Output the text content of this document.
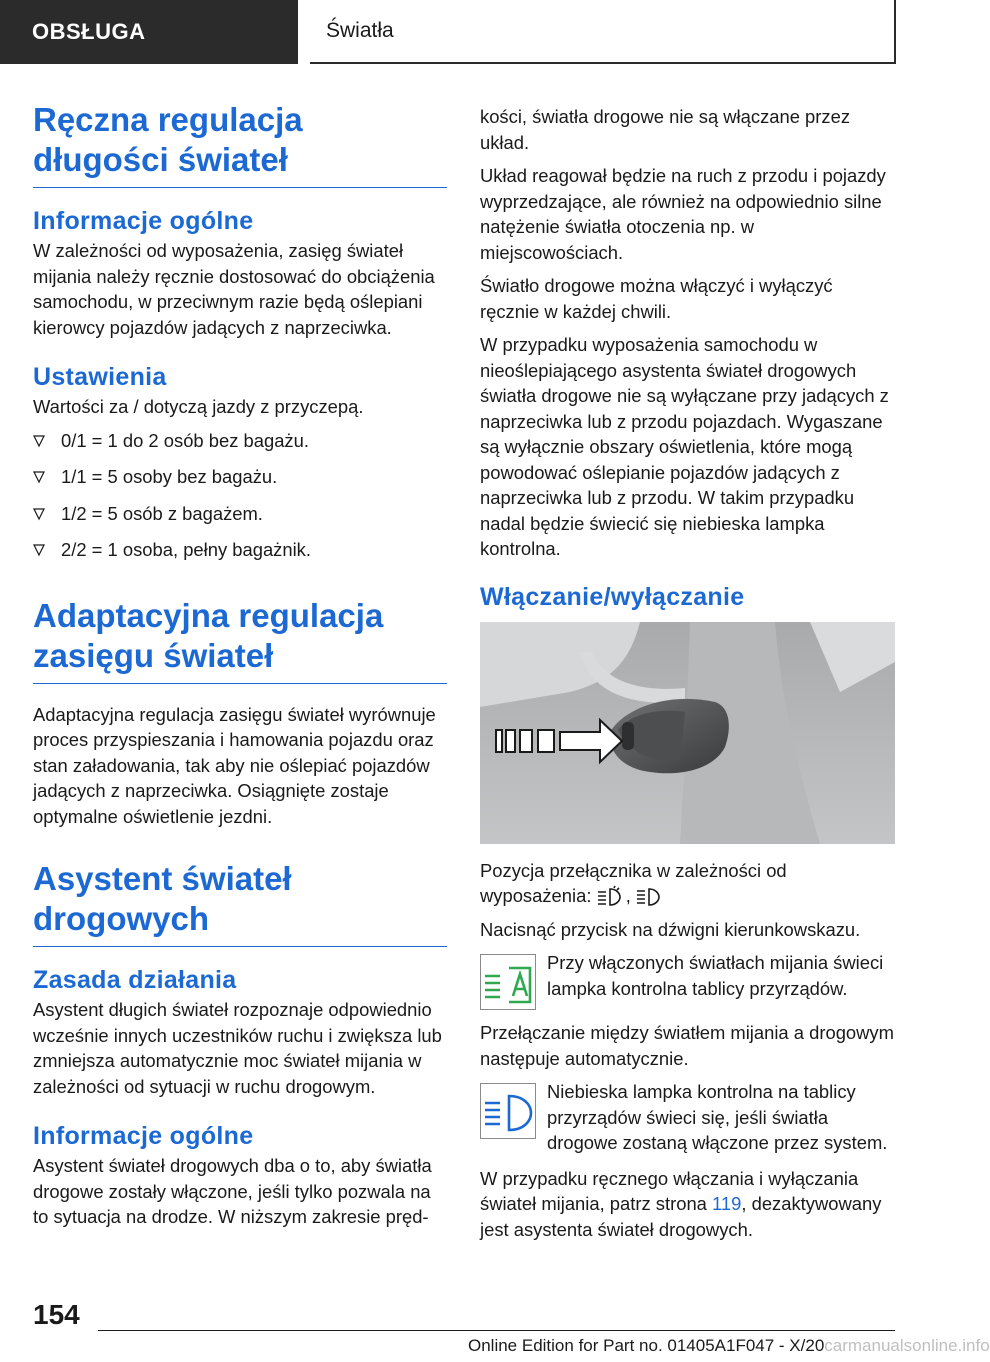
OBSŁUGA	Światła
Ręczna regulacja długości świateł
Informacje ogólne

W zależności od wyposażenia, zasięg świateł mijania należy ręcznie dostosować do obciążenia samochodu, w przeciwnym razie będą oślepiani kierowcy pojazdów jadących z naprzeciwka.

Ustawienia

Wartości za / dotyczą jazdy z przyczepą.

0/1 = 1 do 2 osób bez bagażu.
1/1 = 5 osoby bez bagażu.
1/2 = 5 osób z bagażem.
2/2 = 1 osoba, pełny bagażnik.
Adaptacyjna regulacja zasięgu świateł

Adaptacyjna regulacja zasięgu świateł wyrównuje proces przyspieszania i hamowania pojazdu oraz stan załadowania, tak aby nie oślepiać pojazdów jadących z naprzeciwka. Osiągnięte zostaje optymalne oświetlenie jezdni.

Asystent świateł drogowych
Zasada działania

Asystent długich świateł rozpoznaje odpowiednio wcześnie innych uczestników ruchu i zwiększa lub zmniejsza automatycznie moc świateł mijania w zależności od sytuacji w ruchu drogowym.

Informacje ogólne

Asystent świateł drogowych dba o to, aby światła drogowe zostały włączone, jeśli tylko pozwala na to sytuacja na drodze. W niższym zakresie pręd-

kości, światła drogowe nie są włączane przez układ.

Układ reagował będzie na ruch z przodu i pojazdy wyprzedzające, ale również na odpowiednio silne natężenie światła otoczenia np. w miejscowościach.

Światło drogowe można włączyć i wyłączyć ręcznie w każdej chwili.

W przypadku wyposażenia samochodu w nieoślepiającego asystenta świateł drogowych światła drogowe nie są wyłączane przy jadących z naprzeciwka lub z przodu pojazdach. Wygaszane są wyłącznie obszary oświetlenia, które mogą powodować oślepianie pojazdów jadących z naprzeciwka lub z przodu. W takim przypadku nadal będzie świecić się niebieska lampka kontrolna.

Włączanie/wyłączanie

Pozycja przełącznika w zależności od wyposażenia: ,

Nacisnąć przycisk na dźwigni kierunkowskazu.

Przy włączonych światłach mijania świeci lampka kontrolna tablicy przyrządów.

Przełączanie między światłem mijania a drogowym następuje automatycznie.

Niebieska lampka kontrolna na tablicy przyrządów świeci się, jeśli światła drogowe zostaną włączone przez system.

W przypadku ręcznego włączania i wyłączania świateł mijania, patrz strona 119, dezaktywowany jest asystenta świateł drogowych.

154
Online Edition for Part no. 01405A1F047 - X/20carmanualsonline.info
